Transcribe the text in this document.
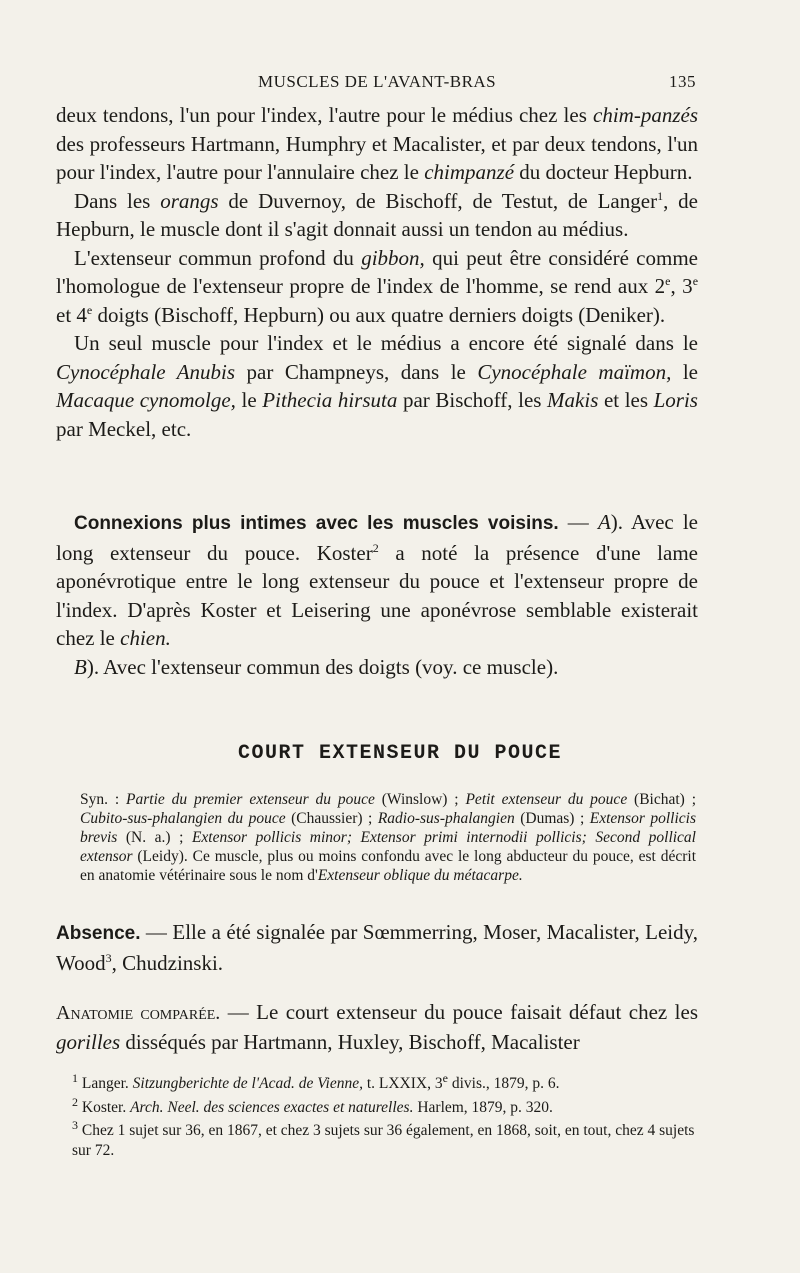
MUSCLES DE L'AVANT-BRAS	135

deux tendons, l'un pour l'index, l'autre pour le médius chez les chim-panzés des professeurs Hartmann, Humphry et Macalister, et par deux tendons, l'un pour l'index, l'autre pour l'annulaire chez le chimpanzé du docteur Hepburn.

Dans les orangs de Duvernoy, de Bischoff, de Testut, de Langer$^1$, de Hepburn, le muscle dont il s'agit donnait aussi un tendon au médius.

L'extenseur commun profond du gibbon, qui peut être considéré comme l'homologue de l'extenseur propre de l'index de l'homme, se rend aux 2e, 3e et 4e doigts (Bischoff, Hepburn) ou aux quatre derniers doigts (Deniker).

Un seul muscle pour l'index et le médius a encore été signalé dans le Cynocéphale Anubis par Champneys, dans le Cynocéphale maïmon, le Macaque cynomolge, le Pithecia hirsuta par Bischoff, les Makis et les Loris par Meckel, etc.

Connexions plus intimes avec les muscles voisins. — A). Avec le long extenseur du pouce. Koster$^2$ a noté la présence d'une lame aponévrotique entre le long extenseur du pouce et l'extenseur propre de l'index. D'après Koster et Leisering une aponévrose semblable existerait chez le chien.

B). Avec l'extenseur commun des doigts (voy. ce muscle).

COURT EXTENSEUR DU POUCE

Syn. : Partie du premier extenseur du pouce (Winslow) ; Petit extenseur du pouce (Bichat) ; Cubito-sus-phalangien du pouce (Chaussier) ; Radio-sus-phalangien (Dumas) ; Extensor pollicis brevis (N. a.) ; Extensor pollicis minor; Extensor primi internodii pollicis; Second pollical extensor (Leidy). Ce muscle, plus ou moins confondu avec le long abducteur du pouce, est décrit en anatomie vétérinaire sous le nom d'Extenseur oblique du métacarpe.

Absence. — Elle a été signalée par Sœmmerring, Moser, Macalister, Leidy, Wood$^3$, Chudzinski.

Anatomie comparée. — Le court extenseur du pouce faisait défaut chez les gorilles disséqués par Hartmann, Huxley, Bischoff, Macalister

$^1$ Langer. Sitzungberichte de l'Acad. de Vienne, t. LXXIX, 3e divis., 1879, p. 6.

$^2$ Koster. Arch. Neel. des sciences exactes et naturelles. Harlem, 1879, p. 320.

$^3$ Chez 1 sujet sur 36, en 1867, et chez 3 sujets sur 36 également, en 1868, soit, en tout, chez 4 sujets sur 72.
